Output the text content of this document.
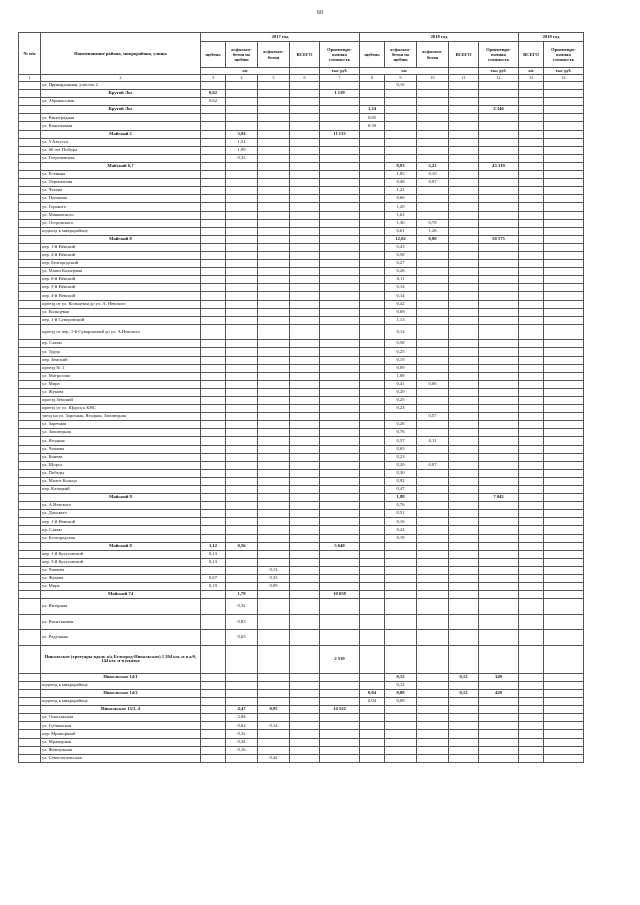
60
№ п/п	Наименование района, микрорайона, улицы	2017 год					2018 год					2019 год	
		щебень	асфальто-бетон по щебню	асфальто-бетон	ВСЕГО	Ориентиро-вочная стоимость	щебень	асфальто-бетон по щебню	асфальто-бетон	ВСЕГО	Ориентиро-вочная стоимость	ВСЕГО	Ориентиро-вочная стоимость
		км				тыс. руб.	км				тыс. руб.	км	тыс. руб.
1	2	3	4	5	6	7	8	9	10	11	12	13	14
	ул. Прикордонная, участок 2							0,16					
	Крутой Лог	0,62				1 139							
	ул. Абрикосовая	0,62											
	Крутой Лог						1,24				2 346		
	ул. Виноградная						0,85						
	ул. Каштановая						0,39						
	Майский 2		3,84			11 133							
	ул. 5 Августа		1,52										
	ул. 60 лет Победы		1,99										
	ул. Георгиевская		0,33										
	Майский 6,7							8,93	2,22		43 319		
	ул. Есенина							1,85	0,10				
	ул. Лермонтова							0,48	0,07				
	ул. Чехова							1,21					
	ул. Пушкина							0,66					
	ул. Горького							1,20					
	ул. Маяковского							1,62					
	ул. Островского							1,30	0,78				
	подъезд к микрорайону							0,61	1,26				
	Майский 8							12,02	0,80		50 575		
	пер. 1-й Невский							0,43					
	пер. 2-й Невский							0,58					
	пер. Белгородский							0,27					
	ул. Маши Кольцевая							0,26					
	пер. 6-й Невский							0,11					
	пер. 5-й Невский							0,14					
	пер. 4-й Невский							0,14					
	проезд от ул. Кольцевая до ул. А. Невского							0,42					
	ул. Кольцевая							0,68					
	пер. 1-й Суворовский							1,13					
	проезд от пер. 1-й Суворовский до ул. А.Невского							0,14					
	пр. Славы							0,58					
	ул. Труда							0,25					
	пер. Земский							0,19					
	проезд № 1							0,09					
	ул. Матросова							1,08					
	ул. Мира							0,41	0,06				
	ул. Жукова							0,29					
	проезд Земский							0,25					
	проезд от ул. Щорса к КНС							0,23					
	заезд на ул. Зарочная, Ягодная, Заповедная								0,57				
	ул. Заречная							0,26					
	ул. Заповедная							0,76					
	ул. Ягодная							0,57	0,11				
	ул. Чапаева							0,65					
	ул. Конева							0,23					
	ул. Щорса							0,20	0,07				
	ул. Победы							0,30					
	ул. Малое Кольцо							0,92					
	пер. Казацкий							0,47					
	Майский 8							1,88			7 045		
	ул. А.Невского							0,76					
	ул. Донского							0,51					
	пер. 1-й Невский							0,16					
	пр. Славы							0,24					
	ул. Белгородская							0,19					
	Майский 8	1,12	0,56			5 640							
	пер. 1-й Кутузовский	0,13											
	пер. 3-й Кутузовский	0,13											
	ул. Чапаева			0,13									
	ул. Жукова	0,67		0,33									
	ул. Мира	0,19		0,09									
	Майский 74		1,78			10 658							
	ул. Янтарная		0,32										
	ул. Васильковая		0,83										
	ул. Радужная		0,63										
	Никольское (тротуары вдоль а/д Белгород-Никольское) 1 294 км. м в а/б, 144 км. м в плитке					2 539							
	Никольское 14/1							0,12		0,12	349		
	подъезд к микрорайону							0,12					
	Никольское 14/2						0,04	0,08		0,12	420		
	подъезд к микрорайону						0,04	0,08					
	Никольское 15/3, 4		4,47	0,95		14 522							
	ул. Осколькская		2,84										
	ул. Губкинская		0,62	0,14									
	пер. Мраморный		0,32										
	ул. Мраморная		0,34										
	ул. Жемчужная		0,16										
	ул. Севастопольская			0,42									
